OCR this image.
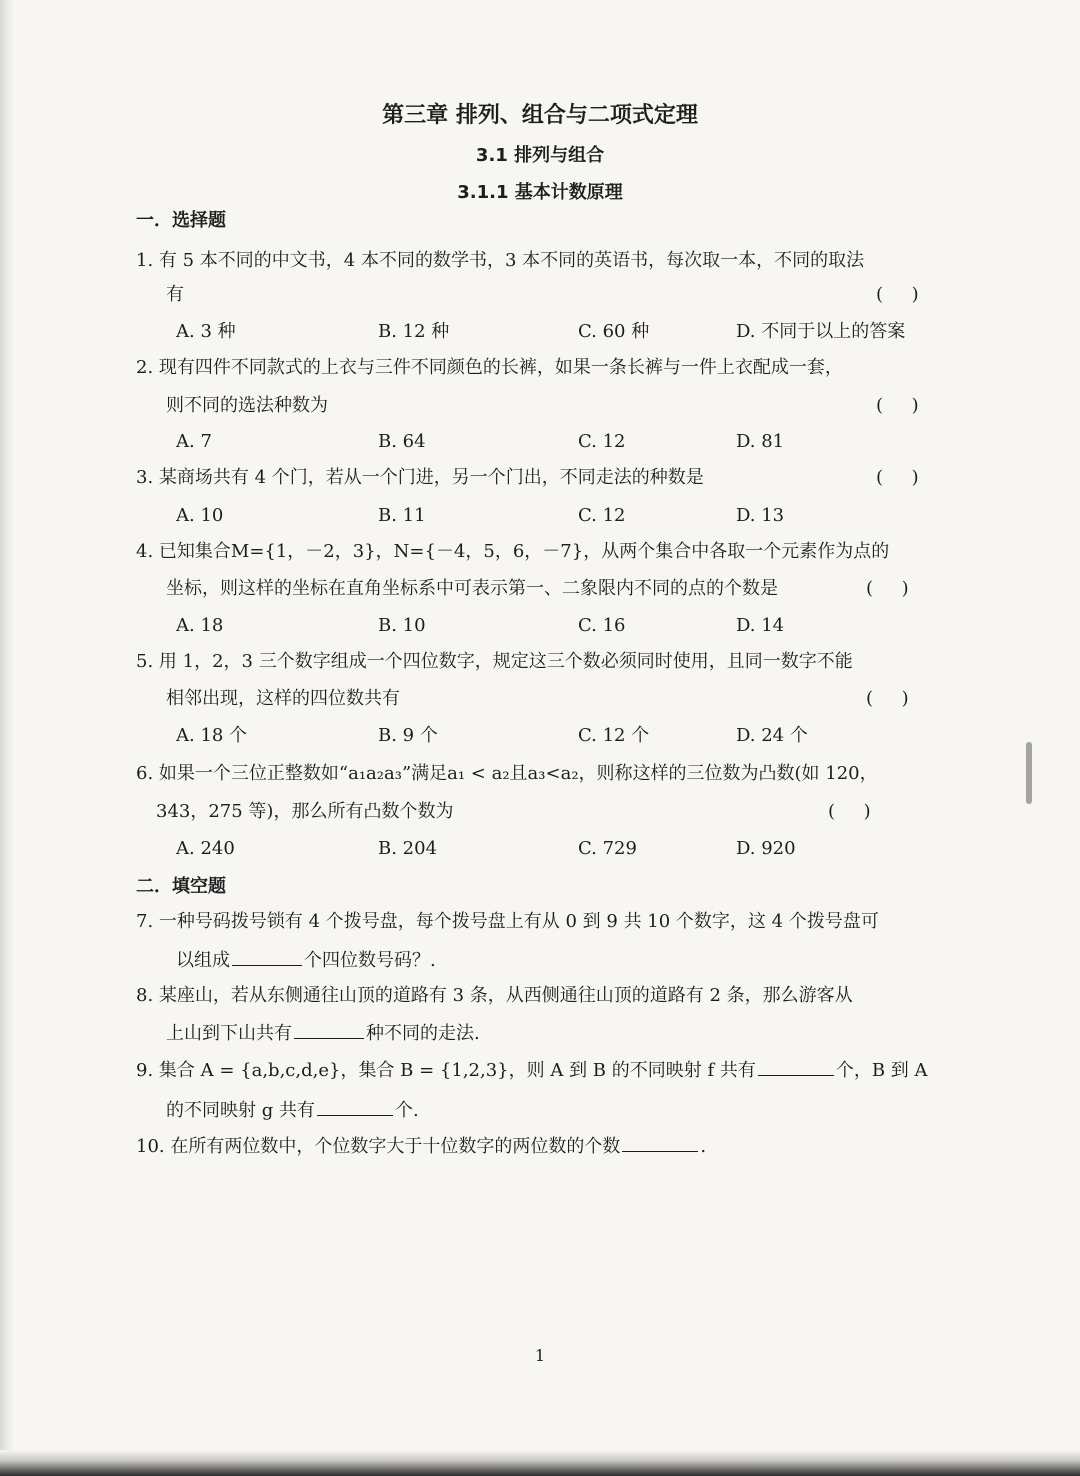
第三章 排列、组合与二项式定理
3.1 排列与组合
3.1.1 基本计数原理
一．选择题
1. 有 5 本不同的中文书，4 本不同的数学书，3 本不同的英语书，每次取一本，不同的取法
有	(     )
A. 3 种	B. 12 种	C. 60 种	D. 不同于以上的答案
2. 现有四件不同款式的上衣与三件不同颜色的长裤，如果一条长裤与一件上衣配成一套，
则不同的选法种数为	(     )
A. 7	B. 64	C. 12	D. 81
3. 某商场共有 4 个门，若从一个门进，另一个门出，不同走法的种数是	(     )
A. 10	B. 11	C. 12	D. 13
4. 已知集合M={1，－2，3}，N={－4，5，6，－7}，从两个集合中各取一个元素作为点的
坐标，则这样的坐标在直角坐标系中可表示第一、二象限内不同的点的个数是	(     )
A. 18	B. 10	C. 16	D. 14
5. 用 1，2，3 三个数字组成一个四位数字，规定这三个数必须同时使用，且同一数字不能
相邻出现，这样的四位数共有	(     )
A. 18 个	B. 9 个	C. 12 个	D. 24 个
6. 如果一个三位正整数如“a₁a₂a₃”满足a₁ < a₂且a₃<a₂，则称这样的三位数为凸数(如 120，
343，275 等)，那么所有凸数个数为	(     )
A. 240	B. 204	C. 729	D. 920
二．填空题
7. 一种号码拨号锁有 4 个拨号盘，每个拨号盘上有从 0 到 9 共 10 个数字，这 4 个拨号盘可
以组成	个四位数号码？.
8. 某座山，若从东侧通往山顶的道路有 3 条，从西侧通往山顶的道路有 2 条，那么游客从
上山到下山共有	种不同的走法.
9. 集合 A = {a,b,c,d,e}，集合 B = {1,2,3}，则 A 到 B 的不同映射 f 共有	个，B 到 A
的不同映射 g 共有	个.
10. 在所有两位数中，个位数字大于十位数字的两位数的个数	.
1
